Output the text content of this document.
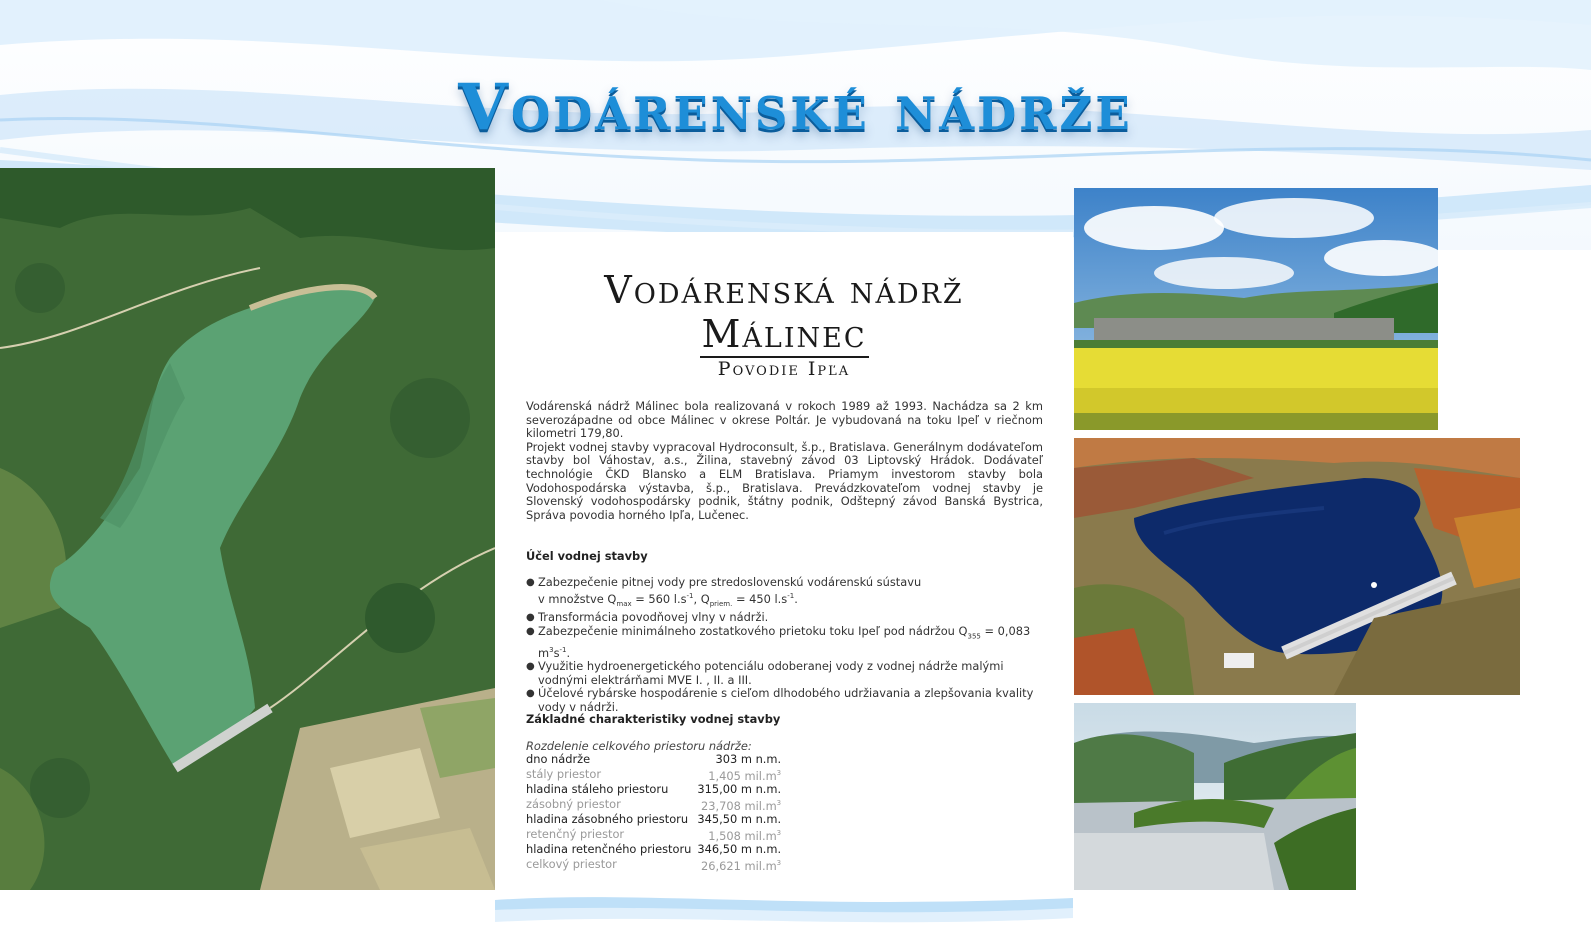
Vodárenské nádrže
Vodárenská nádrž
Málinec
Povodie Ipľa

Vodárenská nádrž Málinec bola realizovaná v rokoch 1989 až 1993. Nachádza sa 2 km severozápadne od obce Málinec v okrese Poltár. Je vybudovaná na toku Ipeľ v riečnom kilometri 179,80.

Projekt vodnej stavby vypracoval Hydroconsult, š.p., Bratislava. Generálnym dodávateľom stavby bol Váhostav, a.s., Žilina, stavebný závod 03 Liptovský Hrádok. Dodávateľ technológie ČKD Blansko a ELM Bratislava. Priamym investorom stavby bola Vodohospodárska výstavba, š.p., Bratislava. Prevádzkovateľom vodnej stavby je Slovenský vodohospodársky podnik, štátny podnik, Odštepný závod Banská Bystrica, Správa povodia horného Ipľa, Lučenec.

Účel vodnej stavby
● Zabezpečenie pitnej vody pre stredoslovenskú vodárenskú sústavu
v množstve $Q_{max} = 560$ $l.s^{-1}$, $Q_{priem.} = 450$ $l.s^{-1}$.
● Transformácia povodňovej vlny v nádrži.
● Zabezpečenie minimálneho zostatkového prietoku toku Ipeľ pod nádržou $Q_{355} = 0,083$ $m^3s^{-1}$.
● Využitie hydroenergetického potenciálu odoberanej vody z vodnej nádrže malými vodnými elektrárňami MVE I. , II. a III.
● Účelové rybárske hospodárenie s cieľom dlhodobého udržiavania a zlepšovania kvality vody v nádrži.
Základné charakteristiky vodnej stavby
Rozdelenie celkového priestoru nádrže:
dno nádrže	303 m n.m.
stály priestor	1,405 $mil.m^3$
hladina stáleho priestoru	315,00 m n.m.
zásobný priestor	23,708 $mil.m^3$
hladina zásobného priestoru	345,50 m n.m.
retenčný priestor	1,508 $mil.m^3$
hladina retenčného priestoru	346,50 m n.m.
celkový priestor	26,621 $mil.m^3$
